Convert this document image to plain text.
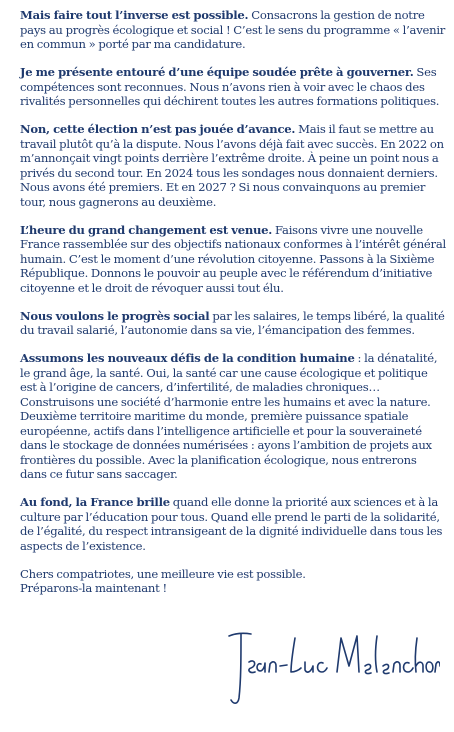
Mais faire tout l’inverse est possible. Consacrons la gestion de notre pays au progrès écologique et social ! C’est le sens du programme « l’avenir en commun » porté par ma candidature.

Je me présente entouré d’une équipe soudée prête à gouverner. Ses compétences sont reconnues. Nous n’avons rien à voir avec le chaos des rivalités personnelles qui déchirent toutes les autres formations politiques.

Non, cette élection n’est pas jouée d’avance. Mais il faut se mettre au travail plutôt qu’à la dispute. Nous l’avons déjà fait avec succès. En 2022 on m’annonçait vingt points derrière l’extrême droite. À peine un point nous a privés du second tour. En 2024 tous les sondages nous donnaient derniers. Nous avons été premiers. Et en 2027 ? Si nous convainquons au premier tour, nous gagnerons au deuxième.

L’heure du grand changement est venue. Faisons vivre une nouvelle France rassemblée sur des objectifs nationaux conformes à l’intérêt général humain. C’est le moment d’une révolution citoyenne. Passons à la Sixième République. Donnons le pouvoir au peuple avec le référendum d’initiative citoyenne et le droit de révoquer aussi tout élu.

Nous voulons le progrès social par les salaires, le temps libéré, la qualité du travail salarié, l’autonomie dans sa vie, l’émancipation des femmes.

Assumons les nouveaux défis de la condition humaine : la dénatalité, le grand âge, la santé. Oui, la santé car une cause écologique et politique est à l’origine de cancers, d’infertilité, de maladies chroniques… Construisons une société d’harmonie entre les humains et avec la nature. Deuxième territoire maritime du monde, première puissance spatiale européenne, actifs dans l’intelligence artificielle et pour la souveraineté dans le stockage de données numérisées : ayons l’ambition de projets aux frontières du possible. Avec la planification écologique, nous entrerons dans ce futur sans saccager.

Au fond, la France brille quand elle donne la priorité aux sciences et à la culture par l’éducation pour tous. Quand elle prend le parti de la solidarité, de l’égalité, du respect intransigeant de la dignité individuelle dans tous les aspects de l’existence.

Chers compatriotes, une meilleure vie est possible.
Préparons-la maintenant !
